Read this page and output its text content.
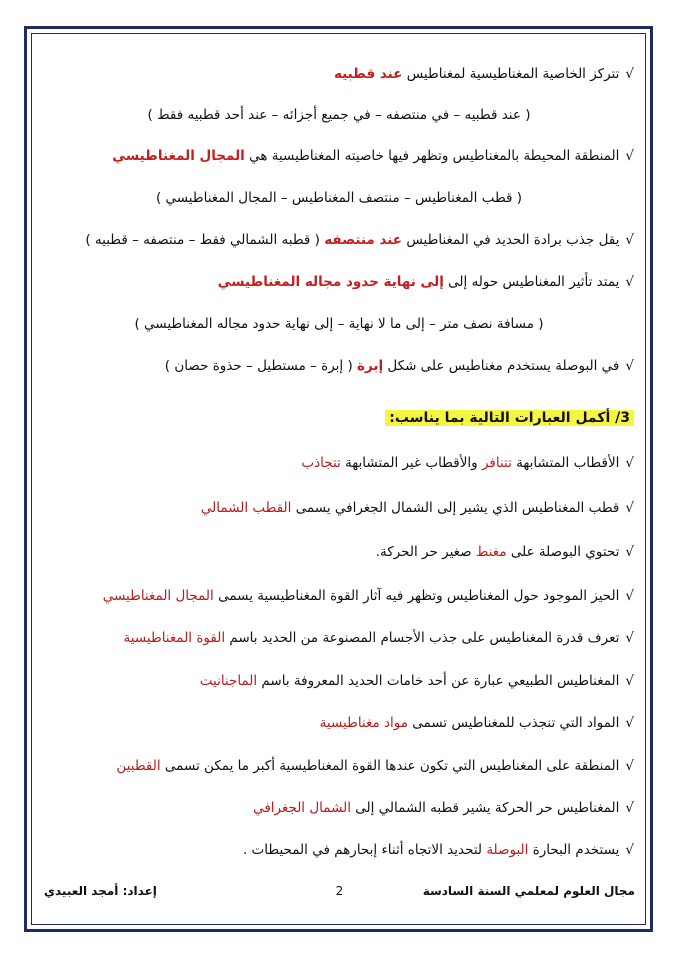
√تتركز الخاصية المغناطيسية لمغناطيس عند قطبيه
( عند قطبيه – في منتصفه – في جميع أجزائه – عند أحد قطبيه فقط )
√المنطقة المحيطة بالمغناطيس وتظهر فيها خاصيته المغناطيسية هي المجال المغناطيسي
( قطب المغناطيس – منتصف المغناطيس – المجال المغناطيسي )
√يقل جذب برادة الحديد في المغناطيس عند منتصفه ( قطبه الشمالي فقط – منتصفه – قطبيه )
√يمتد تأثير المغناطيس حوله إلى إلى نهاية حدود مجاله المغناطيسي
( مسافة نصف متر – إلى ما لا نهاية – إلى نهاية حدود مجاله المغناطيسي )
√في البوصلة يستخدم مغناطيس على شكل إبرة ( إبرة – مستطيل – حذوة حصان )
3/ أكمل العبارات التالية بما يناسب:
√الأقطاب المتشابهة تتنافر والأقطاب غير المتشابهة تتجاذب
√قطب المغناطيس الذي يشير إلى الشمال الجغرافي يسمى القطب الشمالي
√تحتوي البوصلة على مغنط صغير حر الحركة.
√الحيز الموجود حول المغناطيس وتظهر فيه آثار القوة المغناطيسية يسمى المجال المغناطيسي
√تعرف قدرة المغناطيس على جذب الأجسام المصنوعة من الحديد باسم القوة المغناطيسية
√المغناطيس الطبيعي عبارة عن أحد خامات الحديد المعروفة باسم الماجنانيت
√المواد التي تنجذب للمغناطيس تسمى مواد مغناطيسية
√المنطقة على المغناطيس التي تكون عندها القوة المغناطيسية أكبر ما يمكن تسمى القطبين
√المغناطيس حر الحركة يشير قطبه الشمالي إلى الشمال الجغرافي
√يستخدم البحارة البوصلة لتحديد الاتجاه أثناء إبحارهم في المحيطات .
مجال العلوم لمعلمي السنة السادسة
2
إعداد: أمجد العبيدي
